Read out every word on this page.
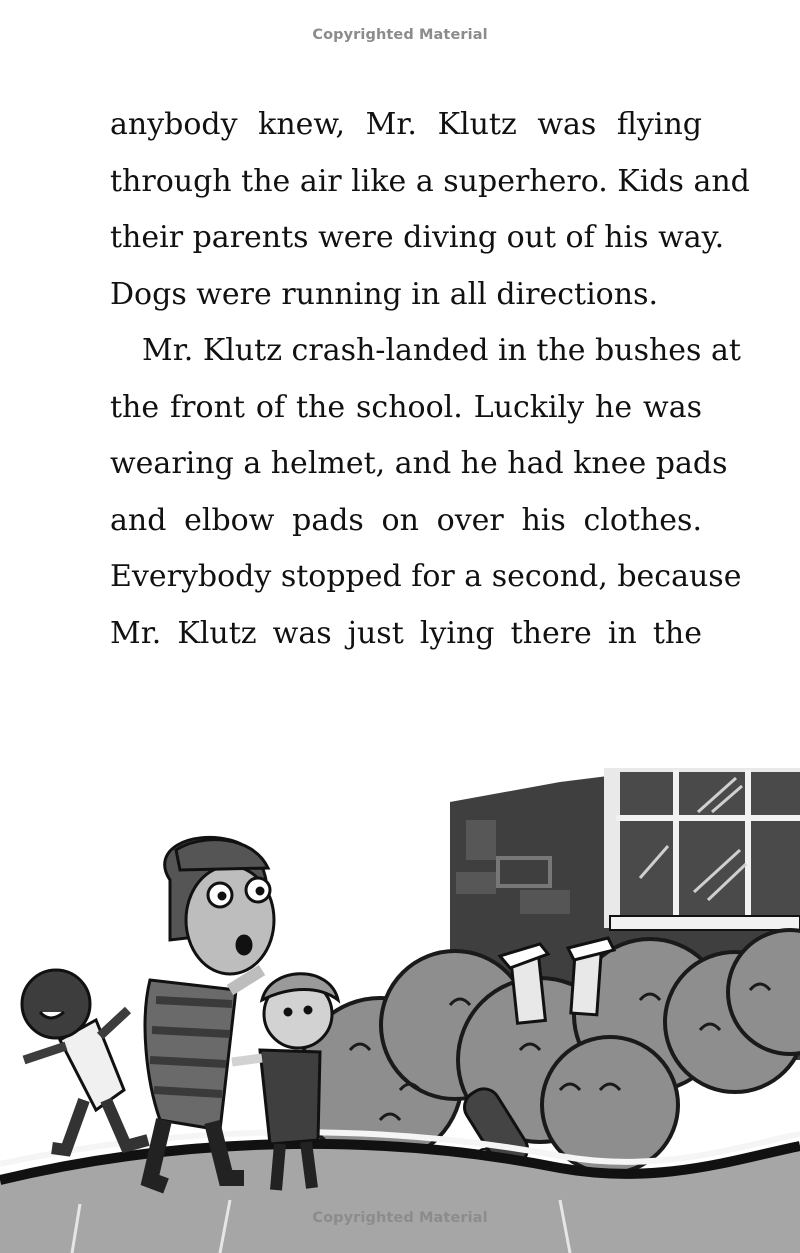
Copyrighted Material
anybody knew, Mr. Klutz was flying
through the air like a superhero. Kids and
their parents were diving out of his way.
Dogs were running in all directions.
Mr. Klutz crash-landed in the bushes at
the front of the school. Luckily he was
wearing a helmet, and he had knee pads
and elbow pads on over his clothes.
Everybody stopped for a second, because
Mr. Klutz was just lying there in the
Copyrighted Material
